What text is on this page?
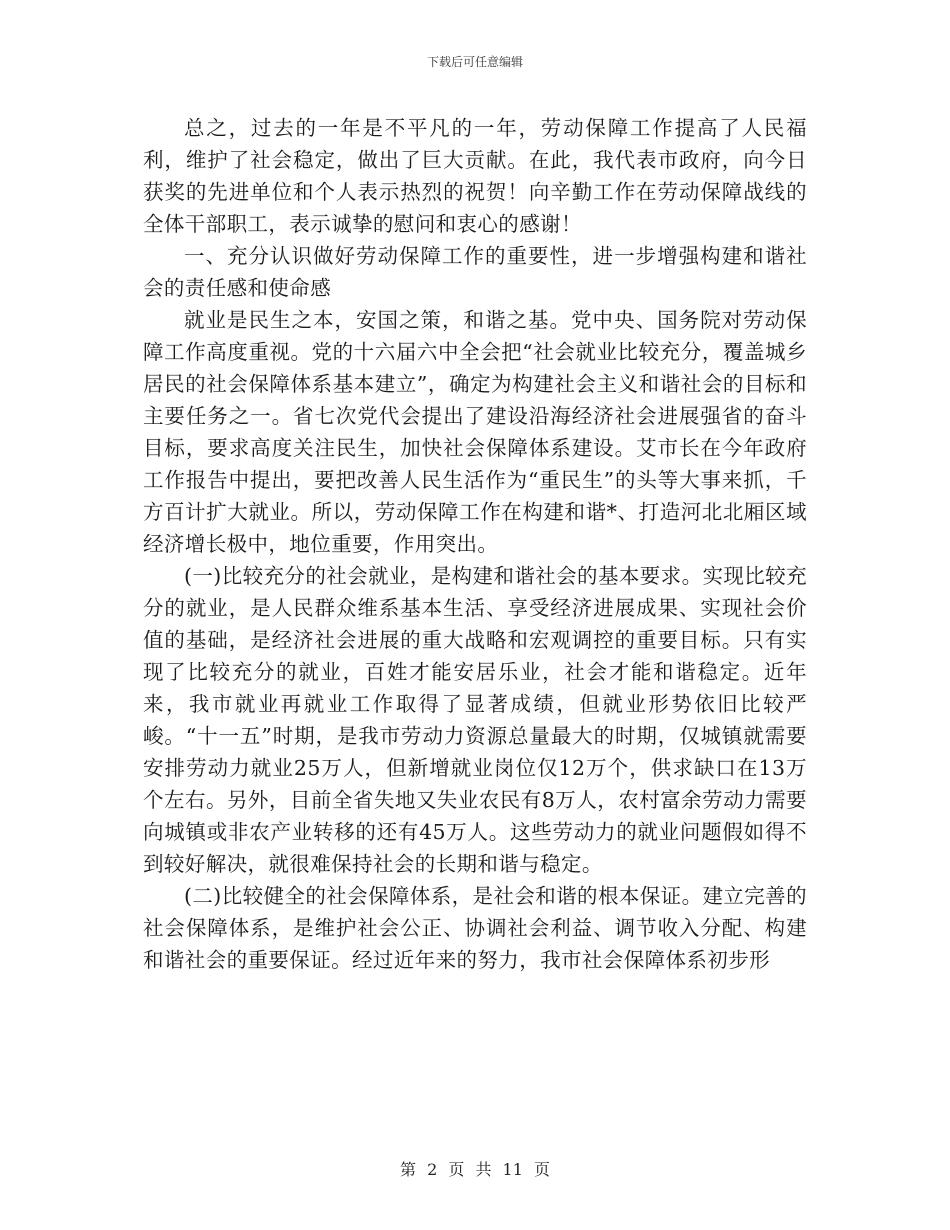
下载后可任意编辑

总之，过去的一年是不平凡的一年，劳动保障工作提高了人民福利，维护了社会稳定，做出了巨大贡献。在此，我代表市政府，向今日获奖的先进单位和个人表示热烈的祝贺！向辛勤工作在劳动保障战线的全体干部职工，表示诚挚的慰问和衷心的感谢！

一、充分认识做好劳动保障工作的重要性，进一步增强构建和谐社会的责任感和使命感

就业是民生之本，安国之策，和谐之基。党中央、国务院对劳动保障工作高度重视。党的十六届六中全会把“社会就业比较充分，覆盖城乡居民的社会保障体系基本建立”，确定为构建社会主义和谐社会的目标和主要任务之一。省七次党代会提出了建设沿海经济社会进展强省的奋斗目标，要求高度关注民生，加快社会保障体系建设。艾市长在今年政府工作报告中提出，要把改善人民生活作为“重民生”的头等大事来抓，千方百计扩大就业。所以，劳动保障工作在构建和谐*、打造河北北厢区域经济增长极中，地位重要，作用突出。

(一)比较充分的社会就业，是构建和谐社会的基本要求。实现比较充分的就业，是人民群众维系基本生活、享受经济进展成果、实现社会价值的基础，是经济社会进展的重大战略和宏观调控的重要目标。只有实现了比较充分的就业，百姓才能安居乐业，社会才能和谐稳定。近年来，我市就业再就业工作取得了显著成绩，但就业形势依旧比较严峻。“十一五”时期，是我市劳动力资源总量最大的时期，仅城镇就需要安排劳动力就业25万人，但新增就业岗位仅12万个，供求缺口在13万个左右。另外，目前全省失地又失业农民有8万人，农村富余劳动力需要向城镇或非农产业转移的还有45万人。这些劳动力的就业问题假如得不到较好解决，就很难保持社会的长期和谐与稳定。

(二)比较健全的社会保障体系，是社会和谐的根本保证。建立完善的社会保障体系，是维护社会公正、协调社会利益、调节收入分配、构建和谐社会的重要保证。经过近年来的努力，我市社会保障体系初步形

第 2 页 共 11 页
